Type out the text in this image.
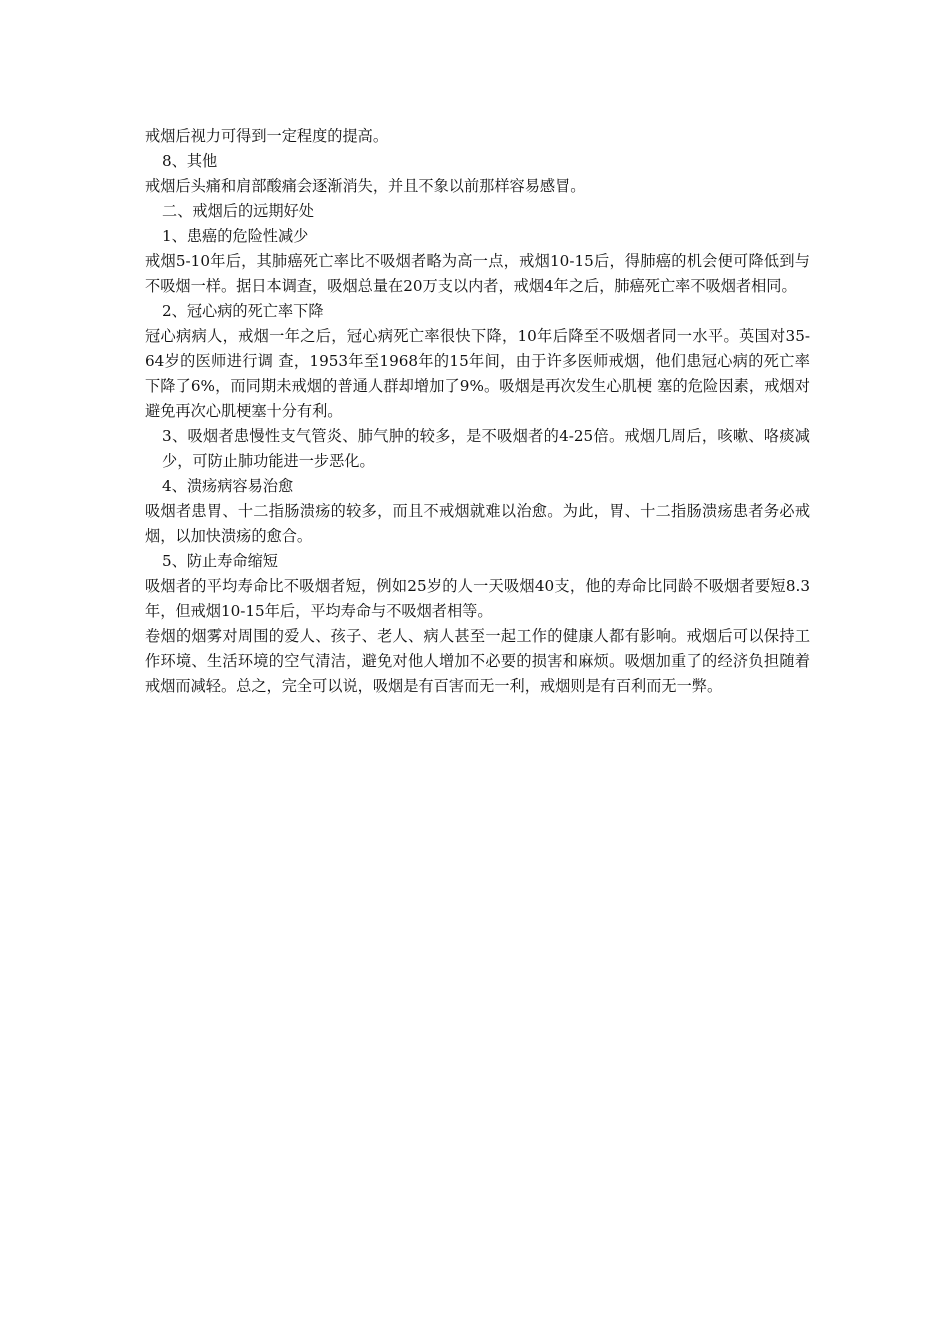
戒烟后视力可得到一定程度的提高。

8、其他

戒烟后头痛和肩部酸痛会逐渐消失，并且不象以前那样容易感冒。

二、戒烟后的远期好处

1、患癌的危险性减少

戒烟5-10年后，其肺癌死亡率比不吸烟者略为高一点，戒烟10-15后，得肺癌的机会便可降低到与不吸烟一样。据日本调查，吸烟总量在20万支以内者，戒烟4年之后，肺癌死亡率不吸烟者相同。

2、冠心病的死亡率下降

冠心病病人，戒烟一年之后，冠心病死亡率很快下降，10年后降至不吸烟者同一水平。英国对35-64岁的医师进行调 查，1953年至1968年的15年间，由于许多医师戒烟，他们患冠心病的死亡率下降了6%，而同期未戒烟的普通人群却增加了9%。吸烟是再次发生心肌梗 塞的危险因素，戒烟对避免再次心肌梗塞十分有利。

3、吸烟者患慢性支气管炎、肺气肿的较多，是不吸烟者的4-25倍。戒烟几周后，咳嗽、咯痰减少，可防止肺功能进一步恶化。

4、溃疡病容易治愈

吸烟者患胃、十二指肠溃疡的较多，而且不戒烟就难以治愈。为此，胃、十二指肠溃疡患者务必戒烟，以加快溃疡的愈合。

5、防止寿命缩短

吸烟者的平均寿命比不吸烟者短，例如25岁的人一天吸烟40支，他的寿命比同龄不吸烟者要短8.3年，但戒烟10-15年后，平均寿命与不吸烟者相等。

卷烟的烟雾对周围的爱人、孩子、老人、病人甚至一起工作的健康人都有影响。戒烟后可以保持工作环境、生活环境的空气清洁，避免对他人增加不必要的损害和麻烦。吸烟加重了的经济负担随着戒烟而减轻。总之，完全可以说，吸烟是有百害而无一利，戒烟则是有百利而无一弊。
